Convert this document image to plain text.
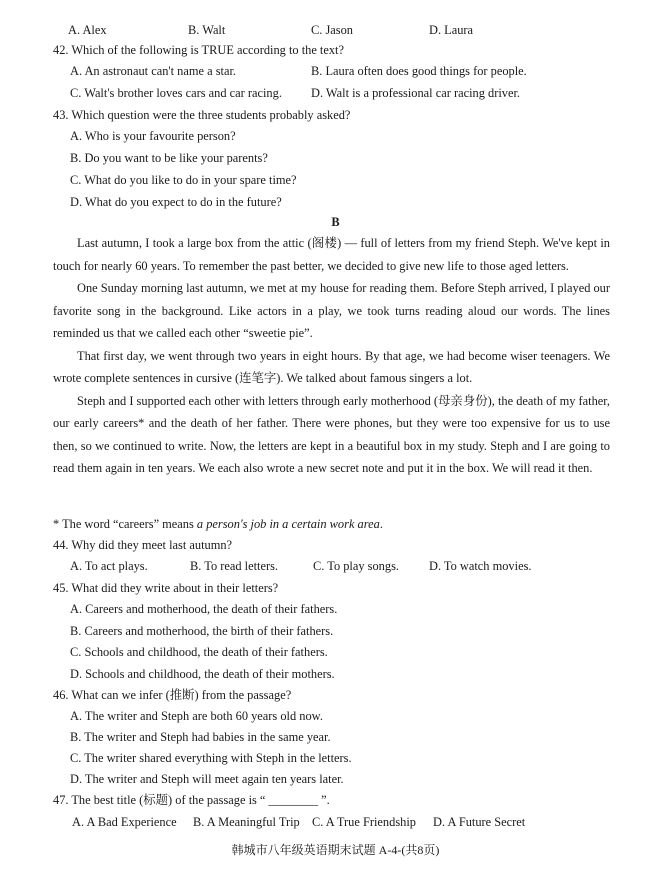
A. Alex	B. Walt	C. Jason	D. Laura
42. Which of the following is TRUE according to the text?
A. An astronaut can't name a star.	B. Laura often does good things for people.
C. Walt's brother loves cars and car racing. D. Walt is a professional car racing driver.
43. Which question were the three students probably asked?
A. Who is your favourite person?
B. Do you want to be like your parents?
C. What do you like to do in your spare time?
D. What do you expect to do in the future?
B

Last autumn, I took a large box from the attic (阁楼) — full of letters from my friend Steph. We've kept in touch for nearly 60 years. To remember the past better, we decided to give new life to those aged letters.

One Sunday morning last autumn, we met at my house for reading them. Before Steph arrived, I played our favorite song in the background. Like actors in a play, we took turns reading aloud our words. The lines reminded us that we called each other “sweetie pie”.

That first day, we went through two years in eight hours. By that age, we had become wiser teenagers. We wrote complete sentences in cursive (连笔字). We talked about famous singers a lot.

Steph and I supported each other with letters through early motherhood (母亲身份), the death of my father, our early careers* and the death of her father. There were phones, but they were too expensive for us to use then, so we continued to write. Now, the letters are kept in a beautiful box in my study. Steph and I are going to read them again in ten years. We each also wrote a new secret note and put it in the box. We will read it then.

* The word “careers” means a person's job in a certain work area.
44. Why did they meet last autumn?
A. To act plays.	B. To read letters.	C. To play songs. D. To watch movies.
45. What did they write about in their letters?
A. Careers and motherhood, the death of their fathers.
B. Careers and motherhood, the birth of their fathers.
C. Schools and childhood, the death of their fathers.
D. Schools and childhood, the death of their mothers.
46. What can we infer (推断) from the passage?
A. The writer and Steph are both 60 years old now.
B. The writer and Steph had babies in the same year.
C. The writer shared everything with Steph in the letters.
D. The writer and Steph will meet again ten years later.
47. The best title (标题) of the passage is “ ________ ”.
A. A Bad Experience B. A Meaningful Trip C. A True Friendship D. A Future Secret
韩城市八年级英语期末试题 A-4-(共8页)
